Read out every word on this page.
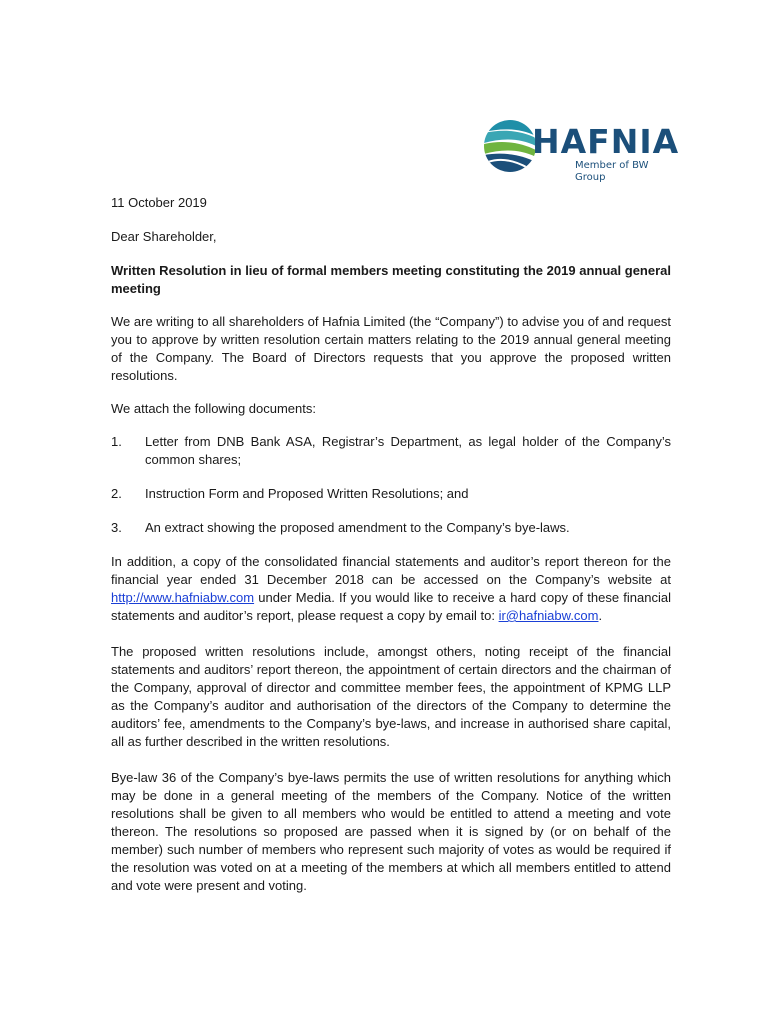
HAFNIA
Member of BW Group

11 October 2019

Dear Shareholder,

Written Resolution in lieu of formal members meeting constituting the 2019 annual general meeting

We are writing to all shareholders of Hafnia Limited (the “Company”) to advise you of and request you to approve by written resolution certain matters relating to the 2019 annual general meeting of the Company. The Board of Directors requests that you approve the proposed written resolutions.

We attach the following documents:

1.	Letter from DNB Bank ASA, Registrar’s Department, as legal holder of the Company’s common shares;
2.	Instruction Form and Proposed Written Resolutions; and
3.	An extract showing the proposed amendment to the Company’s bye-laws.

In addition, a copy of the consolidated financial statements and auditor’s report thereon for the financial year ended 31 December 2018 can be accessed on the Company’s website at http://www.hafniabw.com under Media. If you would like to receive a hard copy of these financial statements and auditor’s report, please request a copy by email to: ir@hafniabw.com.

The proposed written resolutions include, amongst others, noting receipt of the financial statements and auditors’ report thereon, the appointment of certain directors and the chairman of the Company, approval of director and committee member fees, the appointment of KPMG LLP as the Company’s auditor and authorisation of the directors of the Company to determine the auditors’ fee, amendments to the Company’s bye-laws, and increase in authorised share capital, all as further described in the written resolutions.

Bye-law 36 of the Company’s bye-laws permits the use of written resolutions for anything which may be done in a general meeting of the members of the Company. Notice of the written resolutions shall be given to all members who would be entitled to attend a meeting and vote thereon. The resolutions so proposed are passed when it is signed by (or on behalf of the member) such number of members who represent such majority of votes as would be required if the resolution was voted on at a meeting of the members at which all members entitled to attend and vote were present and voting.
